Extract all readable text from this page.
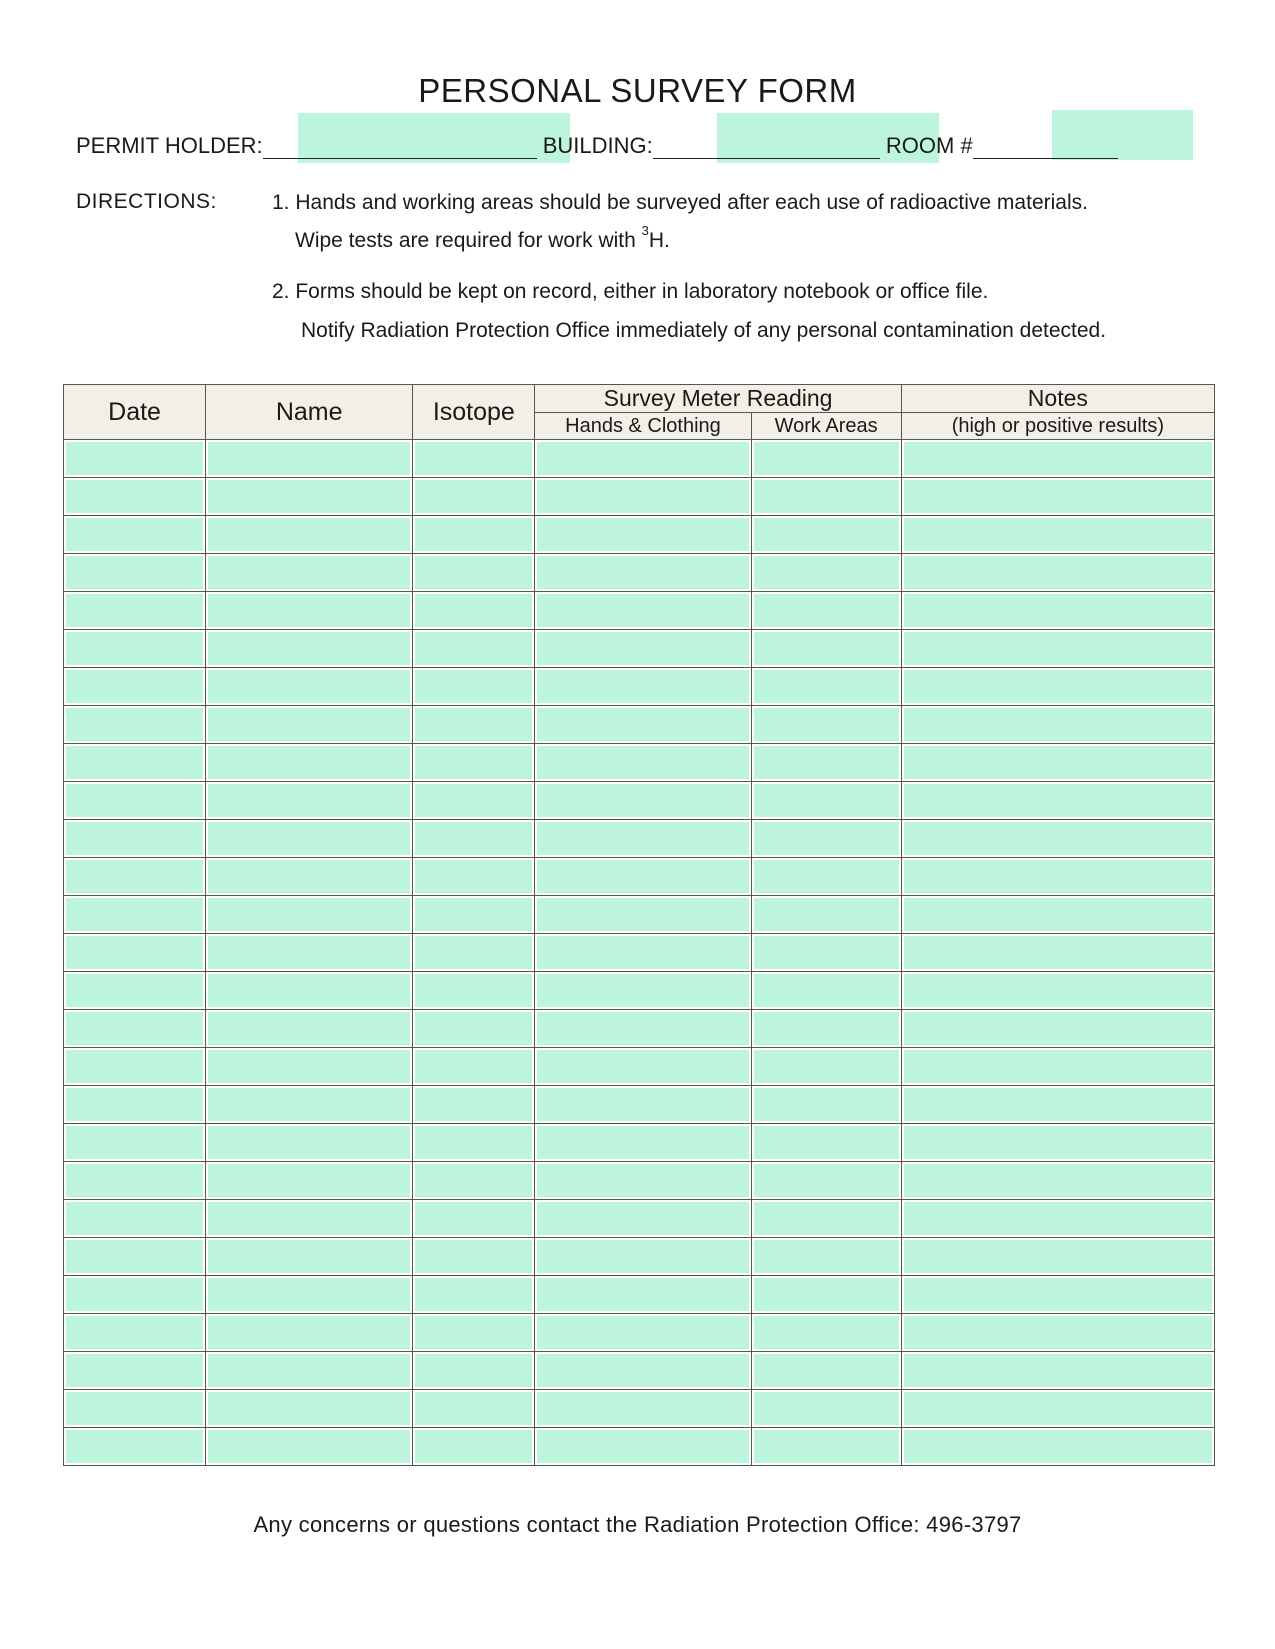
PERSONAL SURVEY FORM
PERMIT HOLDER:	BUILDING:	ROOM #
DIRECTIONS:	1. Hands and working areas should be surveyed after each use of radioactive materials.
Wipe tests are required for work with $^3$H.
2. Forms should be kept on record, either in laboratory notebook or office file.
Notify Radiation Protection Office immediately of any personal contamination detected.
Date	Name	Isotope	Survey Meter Reading		Notes
			Hands & Clothing	Work Areas	(high or positive results)

Any concerns or questions contact the Radiation Protection Office: 496-3797
